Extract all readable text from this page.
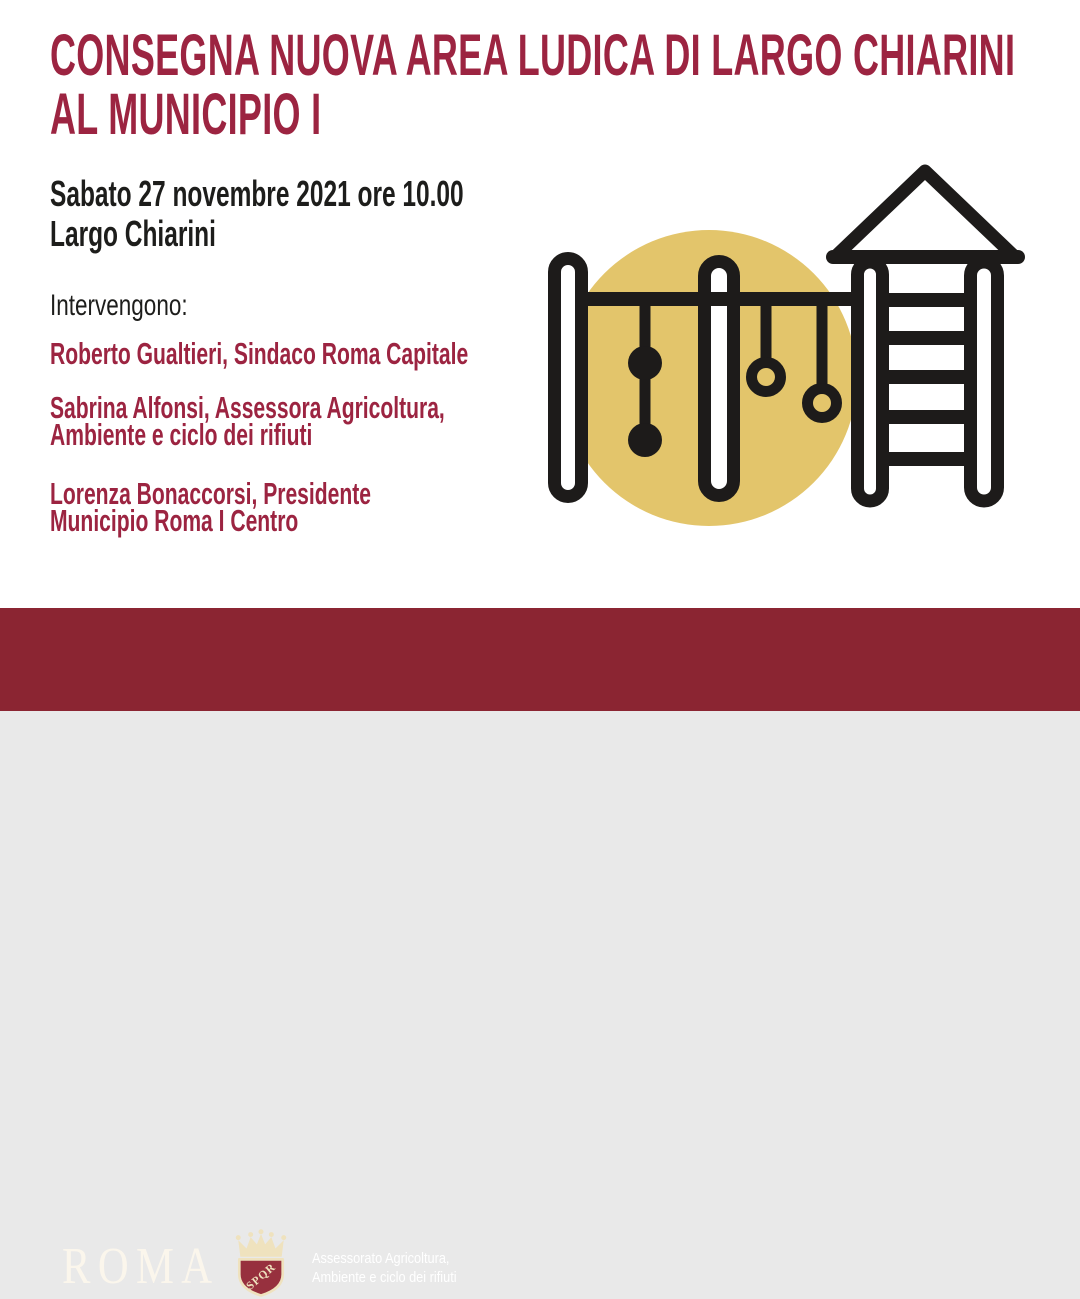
CONSEGNA NUOVA AREA LUDICA DI LARGO CHIARINI
AL MUNICIPIO I
Sabato 27 novembre 2021 ore 10.00
Largo Chiarini
Intervengono:
Roberto Gualtieri, Sindaco Roma Capitale
Sabrina Alfonsi, Assessora Agricoltura,
Ambiente e ciclo dei rifiuti
Lorenza Bonaccorsi, Presidente
Municipio Roma I Centro
ROMA SPQR
Assessorato Agricoltura,
Ambiente e ciclo dei rifiuti
